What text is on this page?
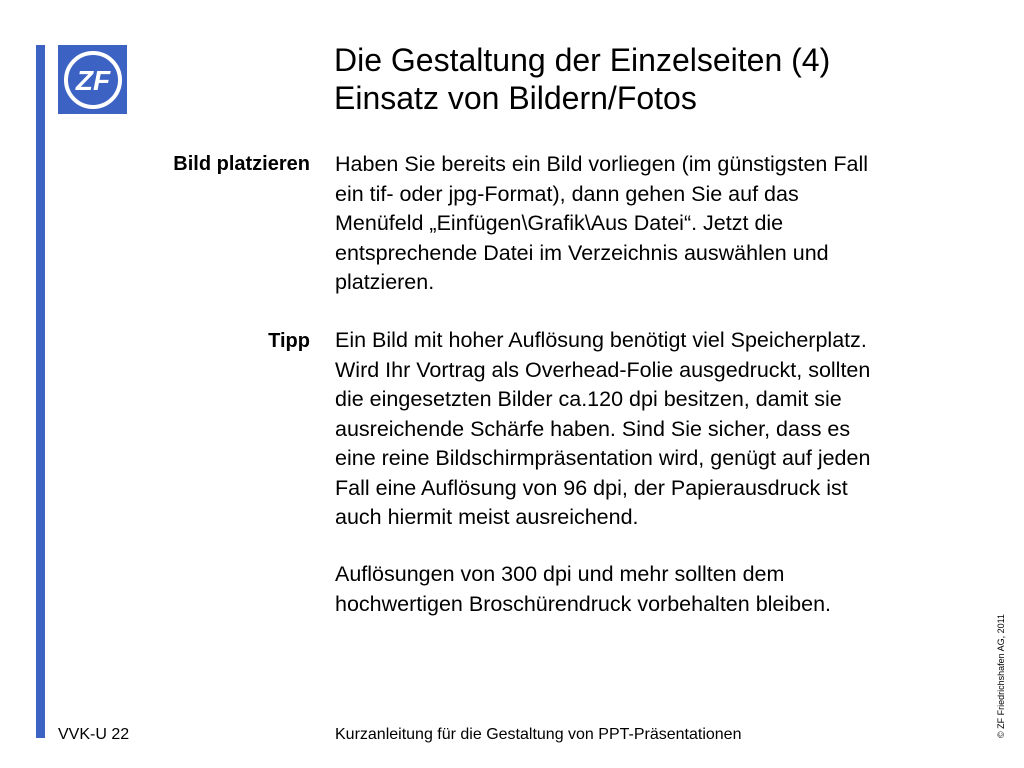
ZF
Die Gestaltung der Einzelseiten (4)
Einsatz von Bildern/Fotos
Bild platzieren Haben Sie bereits ein Bild vorliegen (im günstigsten Fall

ein tif- oder jpg-Format), dann gehen Sie auf das

Menüfeld „Einfügen\Grafik\Aus Datei“. Jetzt die

entsprechende Datei im Verzeichnis auswählen und

platzieren.

Tipp Ein Bild mit hoher Auflösung benötigt viel Speicherplatz.

Wird Ihr Vortrag als Overhead-Folie ausgedruckt, sollten

die eingesetzten Bilder ca.120 dpi besitzen, damit sie

ausreichende Schärfe haben. Sind Sie sicher, dass es

eine reine Bildschirmpräsentation wird, genügt auf jeden

Fall eine Auflösung von 96 dpi, der Papierausdruck ist

auch hiermit meist ausreichend.

Auflösungen von 300 dpi und mehr sollten dem

hochwertigen Broschürendruck vorbehalten bleiben.

VVK-U 22	Kurzanleitung für die Gestaltung von PPT-Präsentationen	© ZF Friedrichshafen AG, 2011
